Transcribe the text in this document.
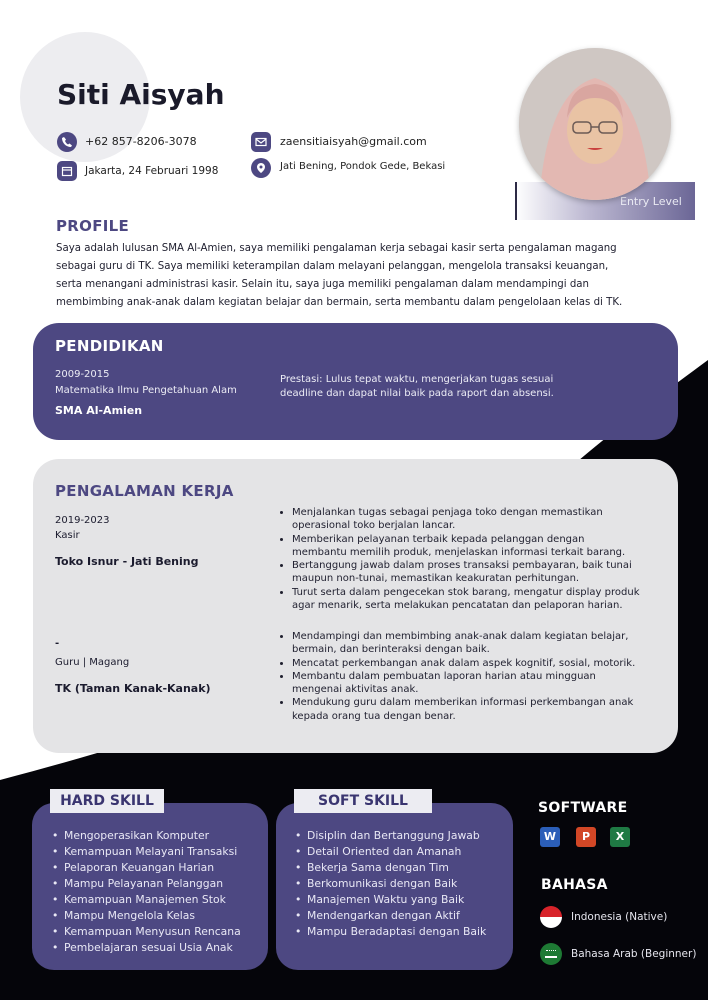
Siti Aisyah
+62 857-8206-3078
Jakarta, 24 Februari 1998
zaensitiaisyah@gmail.com
Jati Bening, Pondok Gede, Bekasi
Entry Level
PROFILE
Saya adalah lulusan SMA Al-Amien, saya memiliki pengalaman kerja sebagai kasir serta pengalaman magang
sebagai guru di TK. Saya memiliki keterampilan dalam melayani pelanggan, mengelola transaksi keuangan,
serta menangani administrasi kasir. Selain itu, saya juga memiliki pengalaman dalam mendampingi dan
membimbing anak-anak dalam kegiatan belajar dan bermain, serta membantu dalam pengelolaan kelas di TK.
PENDIDIKAN
2009-2015
Matematika Ilmu Pengetahuan Alam
SMA Al-Amien
Prestasi: Lulus tepat waktu, mengerjakan tugas sesuai
deadline dan dapat nilai baik pada raport dan absensi.
PENGALAMAN KERJA
2019-2023
Kasir
Toko Isnur - Jati Bening
• Menjalankan tugas sebagai penjaga toko dengan memastikan
operasional toko berjalan lancar.
• Memberikan pelayanan terbaik kepada pelanggan dengan
membantu memilih produk, menjelaskan informasi terkait barang.
• Bertanggung jawab dalam proses transaksi pembayaran, baik tunai
maupun non-tunai, memastikan keakuratan perhitungan.
• Turut serta dalam pengecekan stok barang, mengatur display produk
agar menarik, serta melakukan pencatatan dan pelaporan harian.
-
Guru | Magang
TK (Taman Kanak-Kanak)
• Mendampingi dan membimbing anak-anak dalam kegiatan belajar,
bermain, dan berinteraksi dengan baik.
• Mencatat perkembangan anak dalam aspek kognitif, sosial, motorik.
• Membantu dalam pembuatan laporan harian atau mingguan
mengenai aktivitas anak.
• Mendukung guru dalam memberikan informasi perkembangan anak
kepada orang tua dengan benar.
HARD SKILL
• Mengoperasikan Komputer
• Kemampuan Melayani Transaksi
• Pelaporan Keuangan Harian
• Mampu Pelayanan Pelanggan
• Kemampuan Manajemen Stok
• Mampu Mengelola Kelas
• Kemampuan Menyusun Rencana
• Pembelajaran sesuai Usia Anak
SOFT SKILL
• Disiplin dan Bertanggung Jawab
• Detail Oriented dan Amanah
• Bekerja Sama dengan Tim
• Berkomunikasi dengan Baik
• Manajemen Waktu yang Baik
• Mendengarkan dengan Aktif
• Mampu Beradaptasi dengan Baik
SOFTWARE
W	P	X
BAHASA
Indonesia (Native)
Bahasa Arab (Beginner)
